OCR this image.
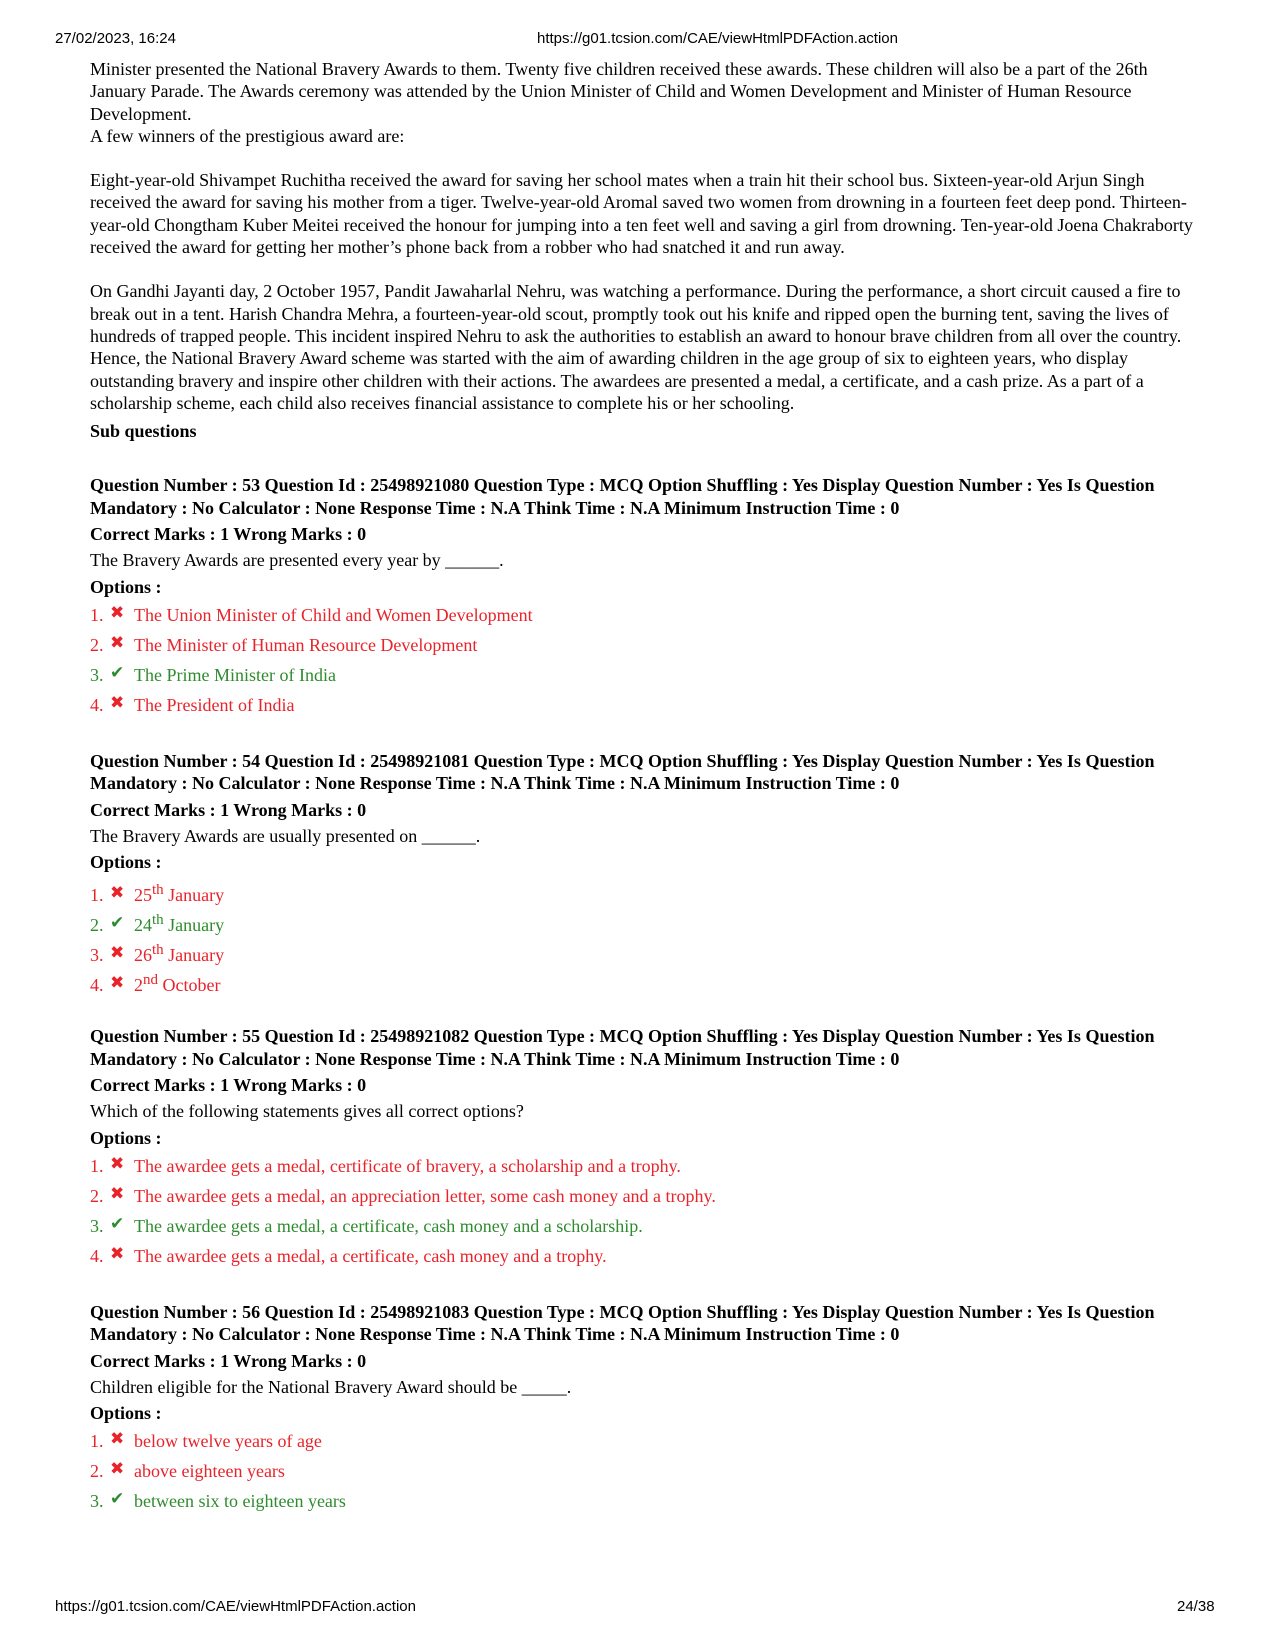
27/02/2023, 16:24	https://g01.tcsion.com/CAE/viewHtmlPDFAction.action

Minister presented the National Bravery Awards to them. Twenty five children received these awards. These children will also be a part of the 26th January Parade. The Awards ceremony was attended by the Union Minister of Child and Women Development and Minister of Human Resource Development.

A few winners of the prestigious award are:

Eight-year-old Shivampet Ruchitha received the award for saving her school mates when a train hit their school bus. Sixteen-year-old Arjun Singh received the award for saving his mother from a tiger. Twelve-year-old Aromal saved two women from drowning in a fourteen feet deep pond. Thirteen-year-old Chongtham Kuber Meitei received the honour for jumping into a ten feet well and saving a girl from drowning. Ten-year-old Joena Chakraborty received the award for getting her mother’s phone back from a robber who had snatched it and run away.

On Gandhi Jayanti day, 2 October 1957, Pandit Jawaharlal Nehru, was watching a performance. During the performance, a short circuit caused a fire to break out in a tent. Harish Chandra Mehra, a fourteen-year-old scout, promptly took out his knife and ripped open the burning tent, saving the lives of hundreds of trapped people. This incident inspired Nehru to ask the authorities to establish an award to honour brave children from all over the country. Hence, the National Bravery Award scheme was started with the aim of awarding children in the age group of six to eighteen years, who display outstanding bravery and inspire other children with their actions. The awardees are presented a medal, a certificate, and a cash prize. As a part of a scholarship scheme, each child also receives financial assistance to complete his or her schooling.

Sub questions

Question Number : 53 Question Id : 25498921080 Question Type : MCQ Option Shuffling : Yes Display Question Number : Yes Is Question Mandatory : No Calculator : None Response Time : N.A Think Time : N.A Minimum Instruction Time : 0

Correct Marks : 1 Wrong Marks : 0

The Bravery Awards are presented every year by ______.

Options :

1. ✖ The Union Minister of Child and Women Development
2. ✖ The Minister of Human Resource Development
3. ✔ The Prime Minister of India
4. ✖ The President of India

Question Number : 54 Question Id : 25498921081 Question Type : MCQ Option Shuffling : Yes Display Question Number : Yes Is Question Mandatory : No Calculator : None Response Time : N.A Think Time : N.A Minimum Instruction Time : 0

Correct Marks : 1 Wrong Marks : 0

The Bravery Awards are usually presented on ______.

Options :

1. ✖ 25th January
2. ✔ 24th January
3. ✖ 26th January
4. ✖ 2nd October

Question Number : 55 Question Id : 25498921082 Question Type : MCQ Option Shuffling : Yes Display Question Number : Yes Is Question Mandatory : No Calculator : None Response Time : N.A Think Time : N.A Minimum Instruction Time : 0

Correct Marks : 1 Wrong Marks : 0

Which of the following statements gives all correct options?

Options :

1. ✖ The awardee gets a medal, certificate of bravery, a scholarship and a trophy.
2. ✖ The awardee gets a medal, an appreciation letter, some cash money and a trophy.
3. ✔ The awardee gets a medal, a certificate, cash money and a scholarship.
4. ✖ The awardee gets a medal, a certificate, cash money and a trophy.

Question Number : 56 Question Id : 25498921083 Question Type : MCQ Option Shuffling : Yes Display Question Number : Yes Is Question Mandatory : No Calculator : None Response Time : N.A Think Time : N.A Minimum Instruction Time : 0

Correct Marks : 1 Wrong Marks : 0

Children eligible for the National Bravery Award should be _____.

Options :

1. ✖ below twelve years of age
2. ✖ above eighteen years
3. ✔ between six to eighteen years
https://g01.tcsion.com/CAE/viewHtmlPDFAction.action	24/38
